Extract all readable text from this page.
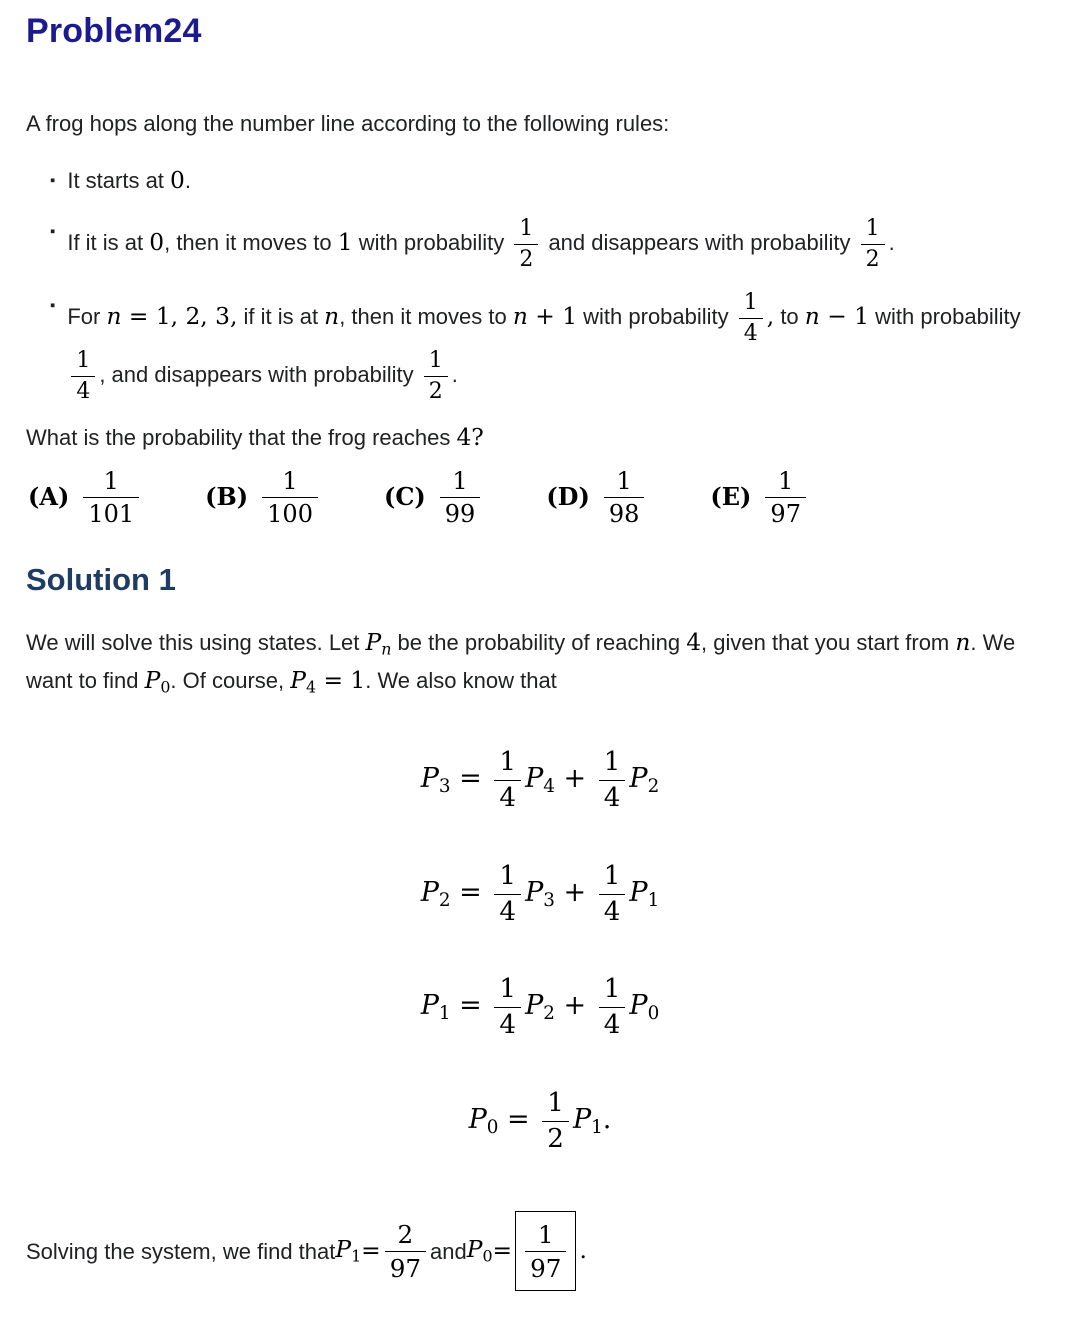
Problem24

A frog hops along the number line according to the following rules:

▪ It starts at 0.
▪ If it is at 0, then it moves to 1 with probability $\frac{1}{2}$ and disappears with probability $\frac{1}{2}$ .
▪ For n = 1, 2, 3, if it is at n, then it moves to n + 1 with probability $\frac{1}{4}$ , to n − 1 with probability
$\frac{1}{4}$ , and disappears with probability $\frac{1}{2}$ .

What is the probability that the frog reaches 4?

$(A) \frac{1}{101}$	$(B) \frac{1}{100}$	$(C) \frac{1}{99}$	$(D) \frac{1}{98}$	$(E) \frac{1}{97}$
Solution 1

We will solve this using states. Let Pn be the probability of reaching 4, given that you start from n. We want to find P0. Of course, P4 = 1. We also know that

$P3 = \frac{1}{4} P4 + \frac{1}{4} P2$
$P2 = \frac{1}{4} P3 + \frac{1}{4} P1$
$P1 = \frac{1}{4} P2 + \frac{1}{4} P0$
$P0 = \frac{1}{2} P1$.

Solving the system, we find that $P1 = \frac{2}{97}$ and $P0 = \frac{1}{97}$ .
